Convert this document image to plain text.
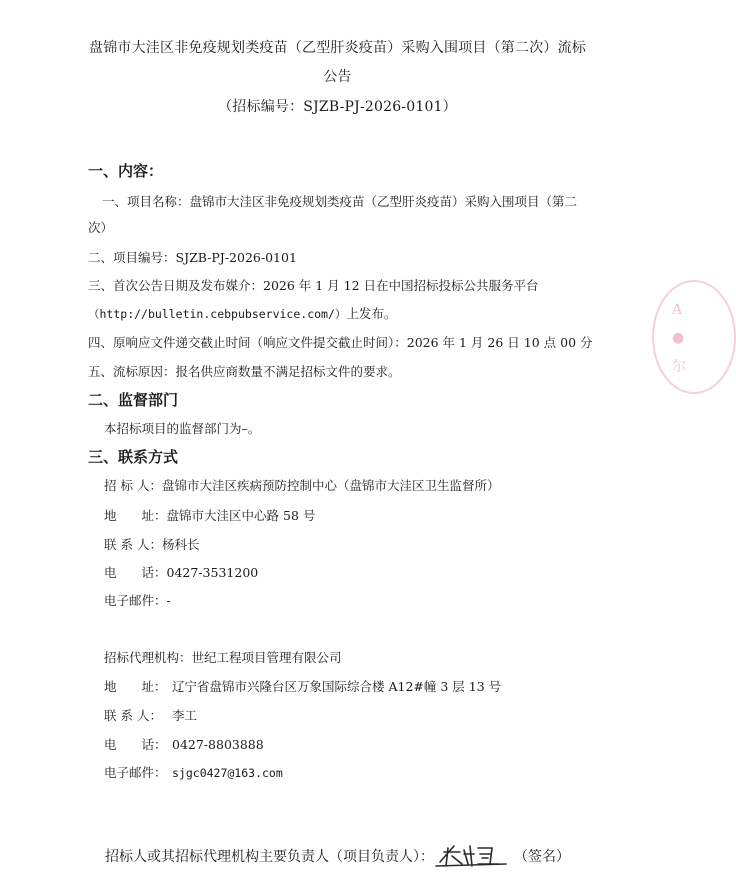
盘锦市大洼区非免疫规划类疫苗（乙型肝炎疫苗）采购入围项目（第二次）流标
公告
（招标编号：SJZB-PJ-2026-0101）
一、内容：
一、项目名称：盘锦市大洼区非免疫规划类疫苗（乙型肝炎疫苗）采购入围项目（第二
次）
二、项目编号：SJZB-PJ-2026-0101
三、首次公告日期及发布媒介：2026 年 1 月 12 日在中国招标投标公共服务平台
（http://bulletin.cebpubservice.com/）上发布。
四、原响应文件递交截止时间（响应文件提交截止时间）：2026 年 1 月 26 日 10 点 00 分
五、流标原因：报名供应商数量不满足招标文件的要求。
二、监督部门
本招标项目的监督部门为–。
三、联系方式
招 标 人：盘锦市大洼区疾病预防控制中心（盘锦市大洼区卫生监督所）
地　　址：盘锦市大洼区中心路 58 号
联 系 人：杨科长
电　　话：0427-3531200
电子邮件：-
招标代理机构：世纪工程项目管理有限公司
地　　址： 辽宁省盘锦市兴隆台区万象国际综合楼 A12#幢 3 层 13 号
联 系 人： 李工
电　　话： 0427-8803888
电子邮件： sjgc0427@163.com
A
●
尔
招标人或其招标代理机构主要负责人（项目负责人）：	（签名）
